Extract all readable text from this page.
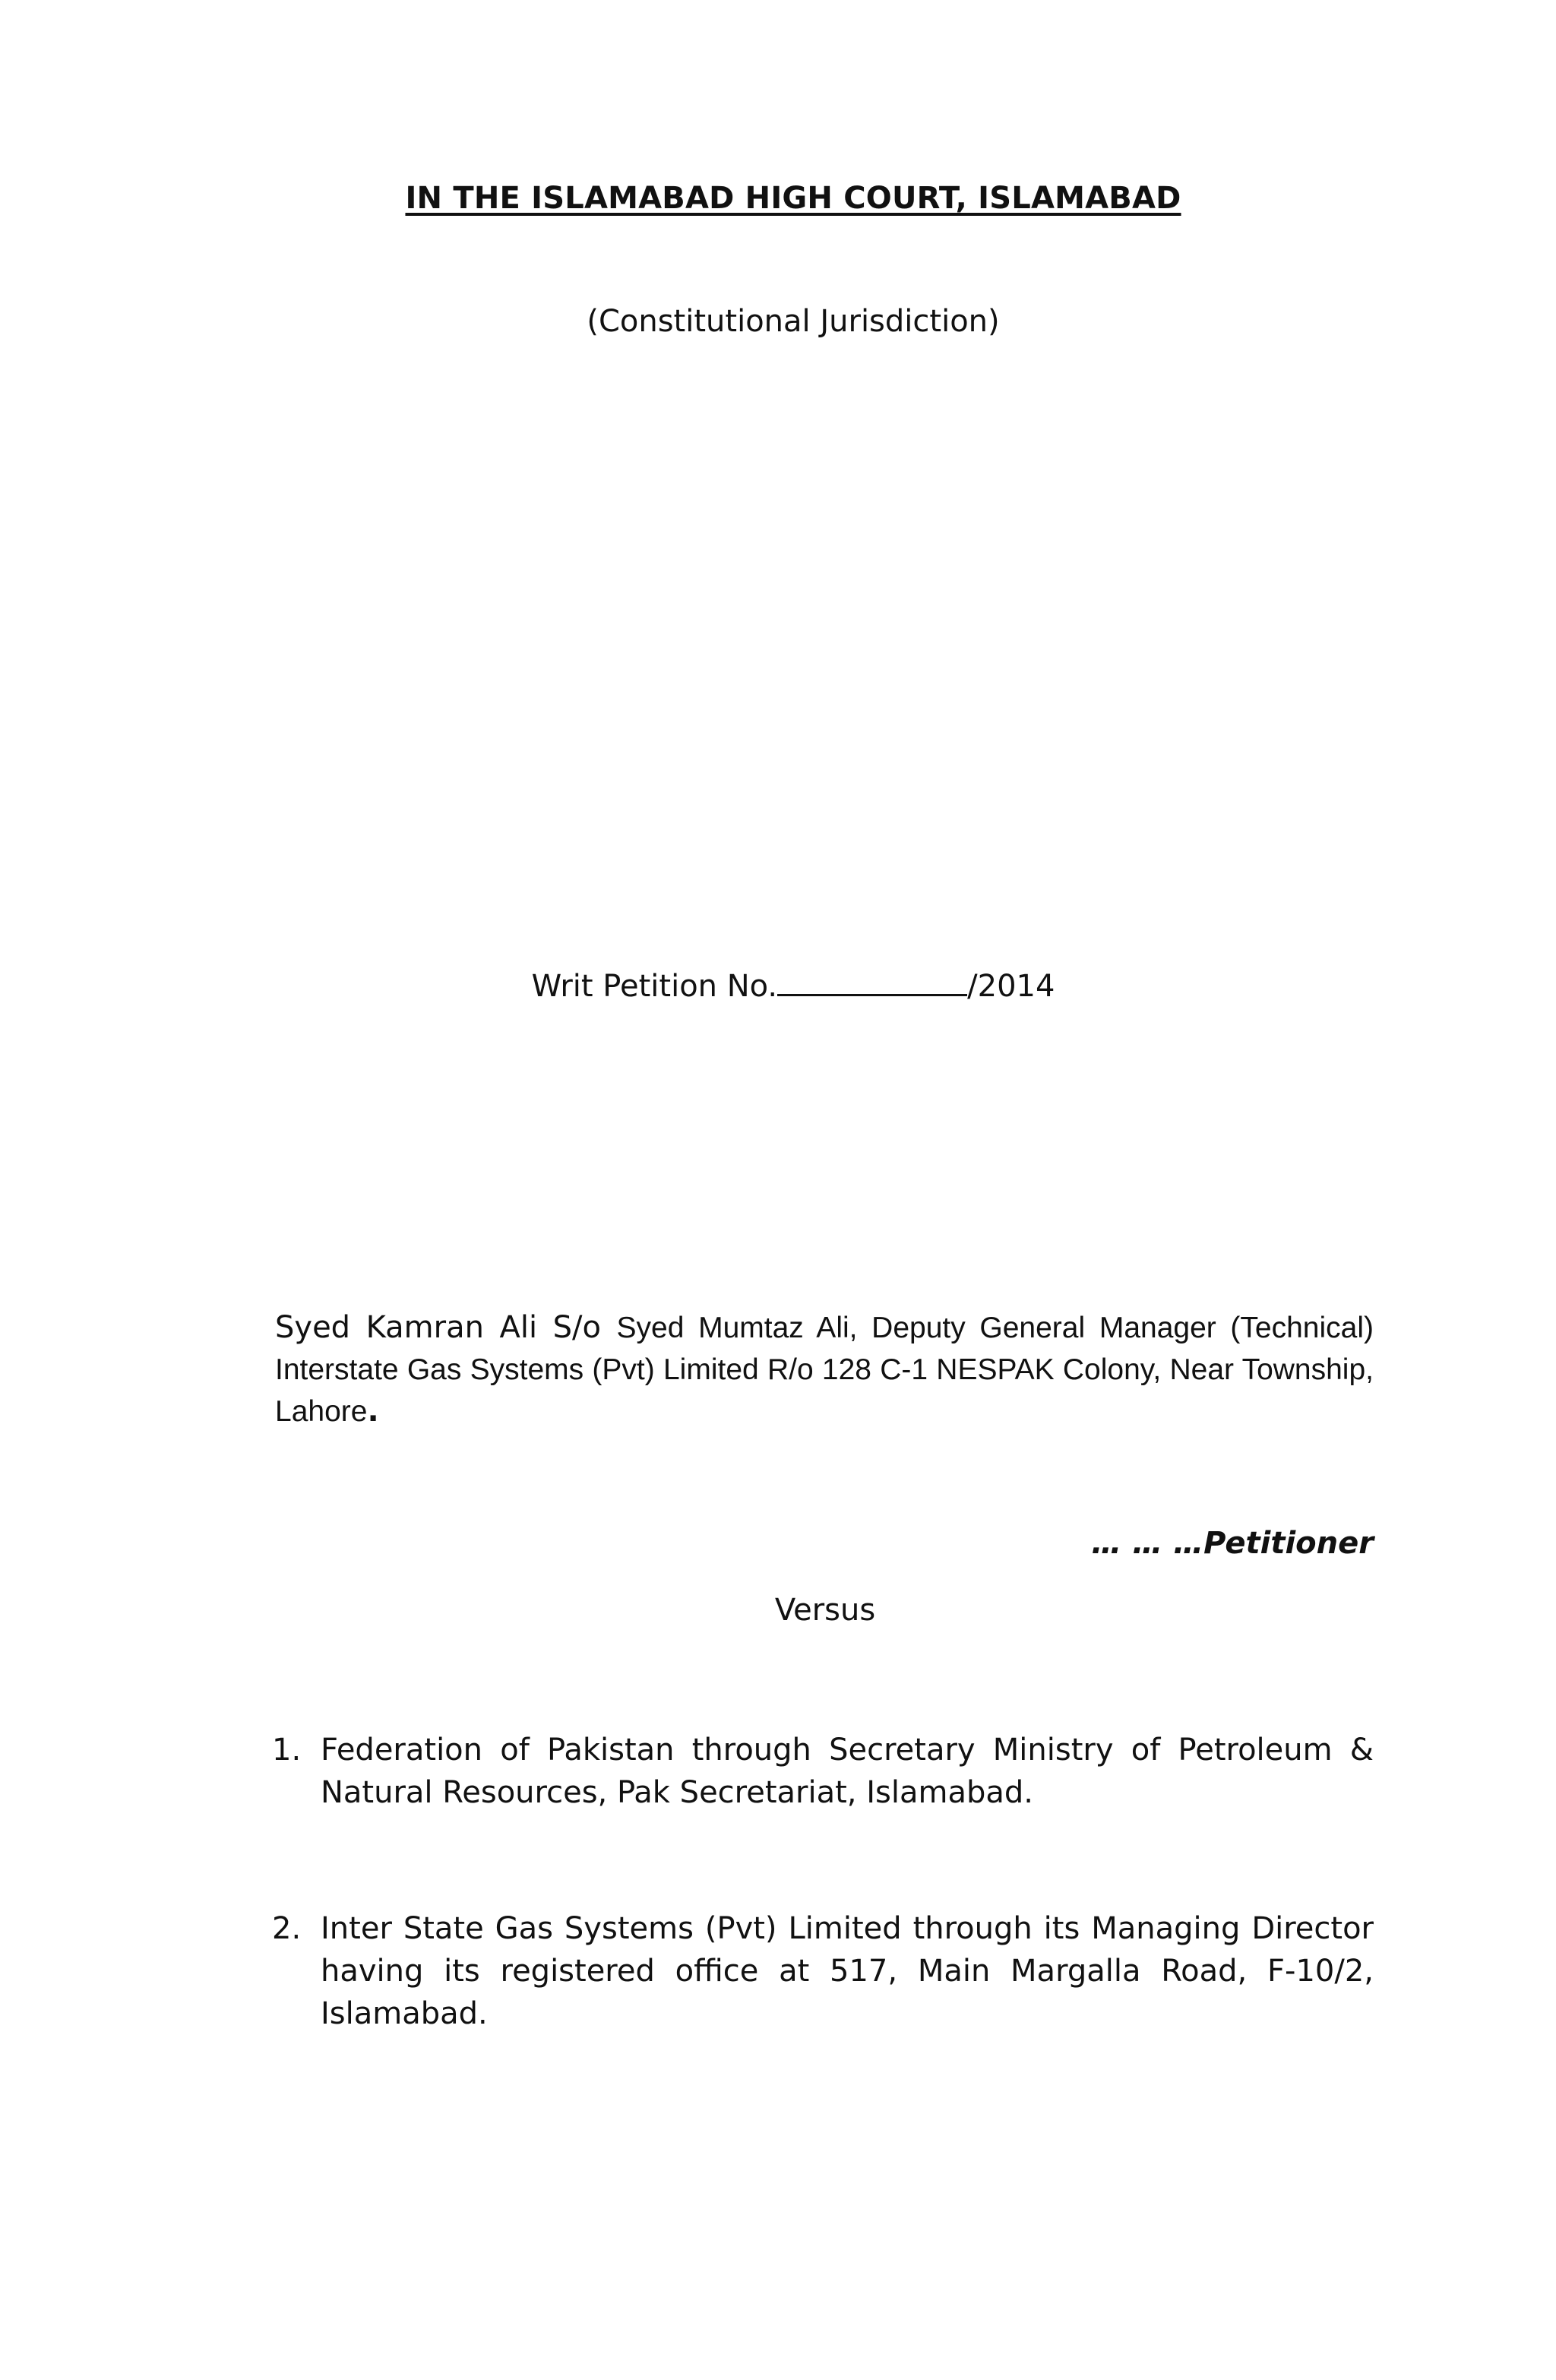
IN THE ISLAMABAD HIGH COURT, ISLAMABAD
(Constitutional Jurisdiction)
Writ Petition No.	/2014
Syed Kamran Ali S/o Syed Mumtaz Ali, Deputy General Manager (Technical) Interstate Gas Systems (Pvt) Limited R/o 128 C-1 NESPAK Colony, Near Township, Lahore.
… … …Petitioner
Versus
1. Federation of Pakistan through Secretary Ministry of Petroleum & Natural Resources, Pak Secretariat, Islamabad.
2. Inter State Gas Systems (Pvt) Limited through its Managing Director having its registered office at 517, Main Margalla Road, F-10/2, Islamabad.
